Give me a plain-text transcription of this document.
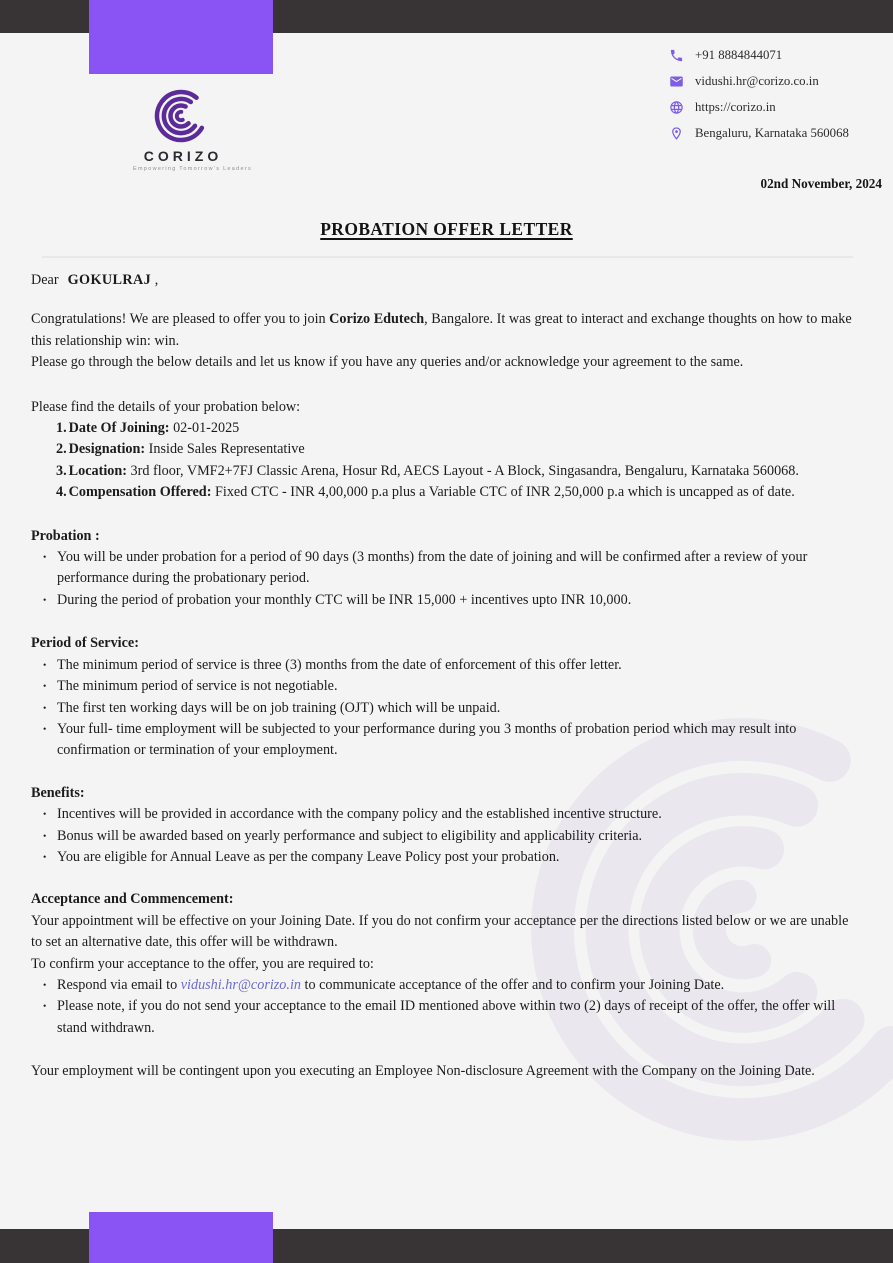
CORIZO
Empowering Tomorrow's Leaders
+91 8884844071
vidushi.hr@corizo.co.in
https://corizo.in
Bengaluru, Karnataka 560068
02nd November, 2024
PROBATION OFFER LETTER

Dear GOKULRAJ ,

Congratulations! We are pleased to offer you to join Corizo Edutech, Bangalore. It was great to interact and exchange thoughts on how to make this relationship win: win.

Please go through the below details and let us know if you have any queries and/or acknowledge your agreement to the same.

Please find the details of your probation below:

1. Date Of Joining: 02-01-2025
2. Designation: Inside Sales Representative
3. Location: 3rd floor, VMF2+7FJ Classic Arena, Hosur Rd, AECS Layout - A Block, Singasandra, Bengaluru, Karnataka 560068.
4. Compensation Offered: Fixed CTC - INR 4,00,000 p.a plus a Variable CTC of INR 2,50,000 p.a which is uncapped as of date.

Probation :

• You will be under probation for a period of 90 days (3 months) from the date of joining and will be confirmed after a review of your performance during the probationary period.
• During the period of probation your monthly CTC will be INR 15,000 + incentives upto INR 10,000.

Period of Service:

• The minimum period of service is three (3) months from the date of enforcement of this offer letter.
• The minimum period of service is not negotiable.
• The first ten working days will be on job training (OJT) which will be unpaid.
• Your full- time employment will be subjected to your performance during you 3 months of probation period which may result into confirmation or termination of your employment.

Benefits:

• Incentives will be provided in accordance with the company policy and the established incentive structure.
• Bonus will be awarded based on yearly performance and subject to eligibility and applicability criteria.
• You are eligible for Annual Leave as per the company Leave Policy post your probation.

Acceptance and Commencement:

Your appointment will be effective on your Joining Date. If you do not confirm your acceptance per the directions listed below or we are unable to set an alternative date, this offer will be withdrawn.

To confirm your acceptance to the offer, you are required to:

• Respond via email to vidushi.hr@corizo.in to communicate acceptance of the offer and to confirm your Joining Date.
• Please note, if you do not send your acceptance to the email ID mentioned above within two (2) days of receipt of the offer, the offer will stand withdrawn.

Your employment will be contingent upon you executing an Employee Non-disclosure Agreement with the Company on the Joining Date.
